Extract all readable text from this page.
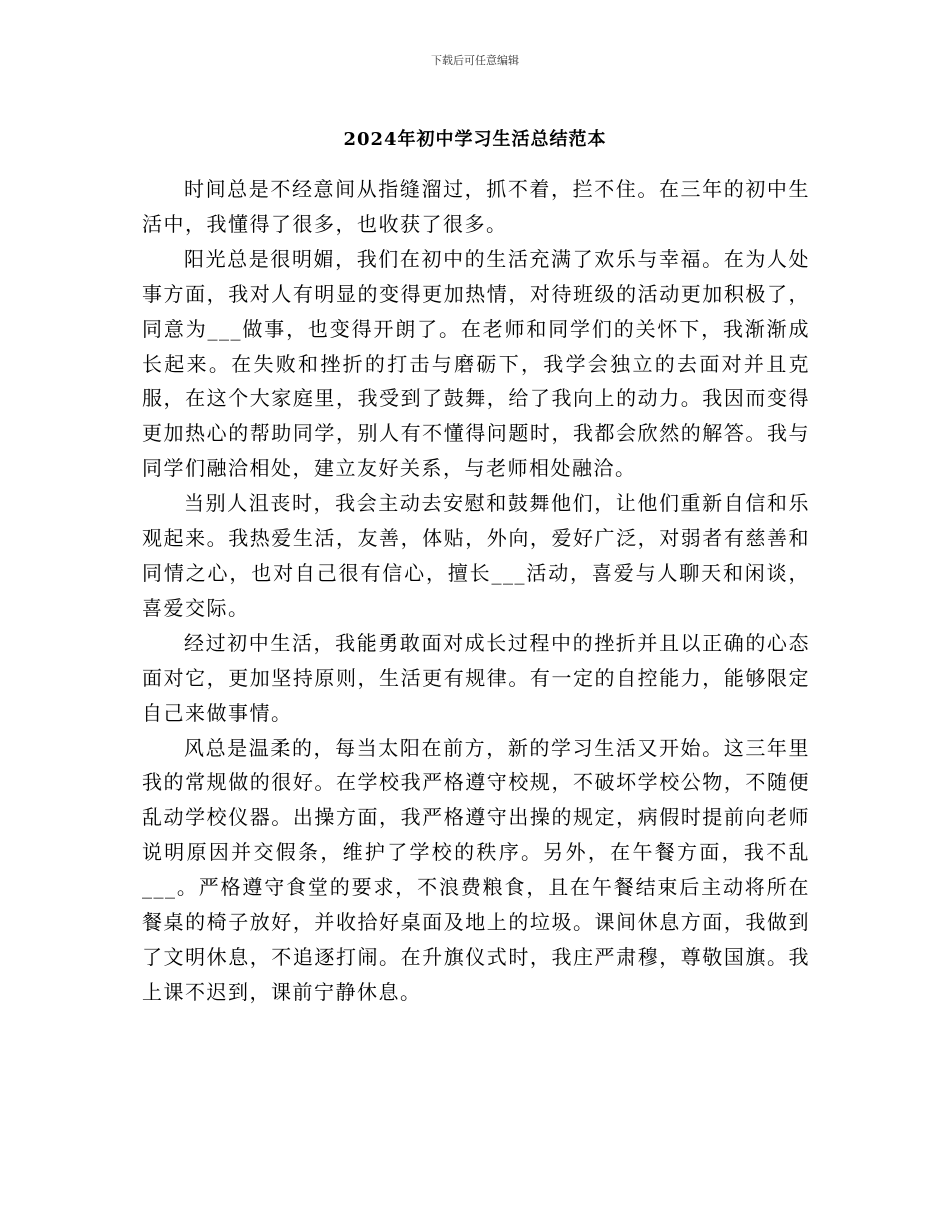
下载后可任意编辑
2024年初中学习生活总结范本

时间总是不经意间从指缝溜过，抓不着，拦不住。在三年的初中生活中，我懂得了很多，也收获了很多。

阳光总是很明媚，我们在初中的生活充满了欢乐与幸福。在为人处事方面，我对人有明显的变得更加热情，对待班级的活动更加积极了，同意为___做事，也变得开朗了。在老师和同学们的关怀下，我渐渐成长起来。在失败和挫折的打击与磨砺下，我学会独立的去面对并且克服，在这个大家庭里，我受到了鼓舞，给了我向上的动力。我因而变得更加热心的帮助同学，别人有不懂得问题时，我都会欣然的解答。我与同学们融洽相处，建立友好关系，与老师相处融洽。

当别人沮丧时，我会主动去安慰和鼓舞他们，让他们重新自信和乐观起来。我热爱生活，友善，体贴，外向，爱好广泛，对弱者有慈善和同情之心，也对自己很有信心，擅长___活动，喜爱与人聊天和闲谈，喜爱交际。

经过初中生活，我能勇敢面对成长过程中的挫折并且以正确的心态面对它，更加坚持原则，生活更有规律。有一定的自控能力，能够限定自己来做事情。

风总是温柔的，每当太阳在前方，新的学习生活又开始。这三年里我的常规做的很好。在学校我严格遵守校规，不破坏学校公物，不随便乱动学校仪器。出操方面，我严格遵守出操的规定，病假时提前向老师说明原因并交假条，维护了学校的秩序。另外，在午餐方面，我不乱___。严格遵守食堂的要求，不浪费粮食，且在午餐结束后主动将所在餐桌的椅子放好，并收拾好桌面及地上的垃圾。课间休息方面，我做到了文明休息，不追逐打闹。在升旗仪式时，我庄严肃穆，尊敬国旗。我上课不迟到，课前宁静休息。
